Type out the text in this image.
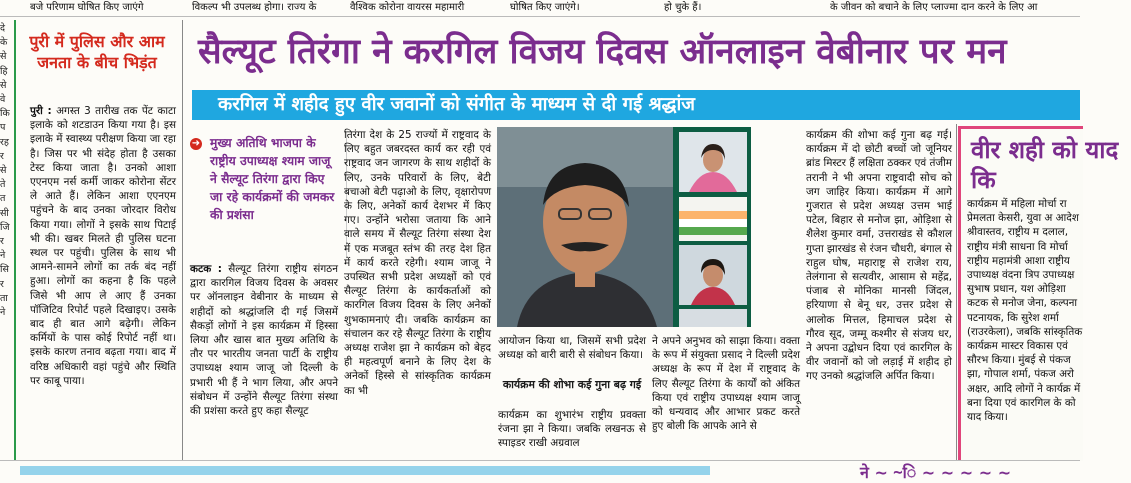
बजे परिणाम घोषित किए जाएंगे	विकल्प भी उपलब्ध होगा। राज्य के	वैश्विक कोरोना वायरस महामारी	घोषित किए जाएंगे।	हो चुके हैं।	के जीवन को बचाने के लिए प्लाज्मा दान करने के लिए आ
दे
के
से
हि
से
वे
कि
प
रह
र
से
ते
त
सी
जि
र
ने
सि
र
ता
ने
पुरी में पुलिस और आम जनता के बीच भिड़ंत
पुरी : अगस्त 3 तारीख तक पेंट काटा इलाके को शटडाउन किया गया है। इस इलाके में स्वास्थ्य परीक्षण किया जा रहा है। जिस पर भी संदेह होता है उसका टेस्ट किया जाता है। उनको आशा एएनएम नर्स कर्मी जाकर कोरोना सेंटर ले आते हैं। लेकिन आशा एएनएम पहुंचने के बाद उनका जोरदार विरोध किया गया। लोगों ने इसके साथ पिटाई भी की। खबर मिलते ही पुलिस घटना स्थल पर पहुंची। पुलिस के साथ भी आमने-सामने लोगों का तर्क बंद नहीं हुआ। लोगों का कहना है कि पहले जिसे भी आप ले आए हैं उनका पॉजिटिव रिपोर्ट पहले दिखाइए। उसके बाद ही बात आगे बढ़ेगी। लेकिन कर्मियों के पास कोई रिपोर्ट नहीं था। इसके कारण तनाव बढ़ता गया। बाद में वरिष्ठ अधिकारी वहां पहुंचे और स्थिति पर काबू पाया।
सैल्यूट तिरंगा ने करगिल विजय दिवस ऑनलाइन वेबीनार पर मन
करगिल में शहीद हुए वीर जवानों को संगीत के माध्यम से दी गई श्रद्धांज
➜ मुख्य अतिथि भाजपा के राष्ट्रीय उपाध्यक्ष श्याम जाजू ने सैल्यूट तिरंगा द्वारा किए जा रहे कार्यक्रमों की जमकर की प्रशंसा
कटक : सैल्यूट तिरंगा राष्ट्रीय संगठन द्वारा कारगिल विजय दिवस के अवसर पर ऑनलाइन वेबीनार के माध्यम से शहीदों को श्रद्धांजलि दी गई जिसमें सैकड़ों लोगों ने इस कार्यक्रम में हिस्सा लिया और खास बात मुख्य अतिथि के तौर पर भारतीय जनता पार्टी के राष्ट्रीय उपाध्यक्ष श्याम जाजू जो दिल्ली के प्रभारी भी हैं ने भाग लिया, और अपने संबोधन में उन्होंने सैल्यूट तिरंगा संस्था की प्रशंसा करते हुए कहा सैल्यूट
तिरंगा देश के 25 राज्यों में राष्ट्रवाद के लिए बहुत जबरदस्त कार्य कर रही एवं राष्ट्रवाद जन जागरण के साथ शहीदों के लिए, उनके परिवारों के लिए, बेटी बचाओ बेटी पढ़ाओ के लिए, वृक्षारोपण के लिए, अनेकों कार्य देशभर में किए गए। उन्होंने भरोसा जताया कि आने वाले समय में सैल्यूट तिरंगा संस्था देश में एक मजबूत स्तंभ की तरह देश हित में कार्य करते रहेगी। श्याम जाजू ने उपस्थित सभी प्रदेश अध्यक्षों को एवं सैल्यूट तिरंगा के कार्यकर्ताओं को कारगिल विजय दिवस के लिए अनेकों शुभकामनाएं दी। जबकि कार्यक्रम का संचालन कर रहे सैल्यूट तिरंगा के राष्ट्रीय अध्यक्ष राजेश झा ने कार्यक्रम को बेहद ही महत्वपूर्ण बनाने के लिए देश के अनेकों हिस्से से सांस्कृतिक कार्यक्रम का भी
आयोजन किया था, जिसमें सभी प्रदेश अध्यक्ष को बारी बारी से संबोधन किया।
कार्यक्रम की शोभा कई गुना बढ़ गई
कार्यक्रम का शुभारंभ राष्ट्रीय प्रवक्ता रंजना झा ने किया। जबकि लखनऊ से स्पाइडर राखी अग्रवाल
ने अपने अनुभव को साझा किया। वक्ता के रूप में संयुक्ता प्रसाद ने दिल्ली प्रदेश अध्यक्ष के रूप में देश में राष्ट्रवाद के लिए सैल्यूट तिरंगा के कार्यों को अंकित किया एवं राष्ट्रीय उपाध्यक्ष श्याम जाजू को धन्यवाद और आभार प्रकट करते हुए बोली कि आपके आने से
कार्यक्रम की शोभा कई गुना बढ़ गई। कार्यक्रम में दो छोटी बच्चों जो जूनियर ब्रांड मिस्टर हैं लक्षिता ठक्कर एवं तंजीम तरानी ने भी अपना राष्ट्रवादी सोच को जग जाहिर किया। कार्यक्रम में आगे गुजरात से प्रदेश अध्यक्ष उत्तम भाई पटेल, बिहार से मनोज झा, ओड़िशा से शैलेश कुमार वर्मा, उत्तराखंड से कौशल गुप्ता झारखंड से रंजन चौधरी, बंगाल से राहुल घोष, महाराष्ट्र से राजेश राय, तेलंगाना से सत्यवीर, आसाम से महेंद्र, पंजाब से मोनिका मानसी जिंदल, हरियाणा से बेनू धर, उत्तर प्रदेश से आलोक मित्तल, हिमाचल प्रदेश से गौरव सूद, जम्मू कश्मीर से संजय धर, ने अपना उद्बोधन दिया एवं कारगिल के वीर जवानों को जो लड़ाई में शहीद हो गए उनको श्रद्धांजलि अर्पित किया।
वीर शही को याद कि
कार्यक्रम में महिला मोर्चा रा प्रेमलता केसरी, युवा अ आदेश श्रीवास्तव, राष्ट्रीय म दलाल, राष्ट्रीय मंत्री साधना वि मोर्चा राष्ट्रीय महामंत्री आशा राष्ट्रीय उपाध्यक्ष वंदना त्रिप उपाध्यक्ष सुभाष प्रधान, यश ओड़िशा कटक से मनोज जेना, कल्पना पटनायक, कि सुरेश शर्मा (राउरकेला), जबकि सांस्कृतिक कार्यक्रम मास्टर विकास एवं सौरभ किया। मुंबई से पंकज झा, गोपाल शर्मा, पंकज अरो अक्षर, आदि लोगों ने कार्यक्र में बना दिया एवं कारगिल के को याद किया।
ने ~ ~ि ~ ~ ~ ~ ~
